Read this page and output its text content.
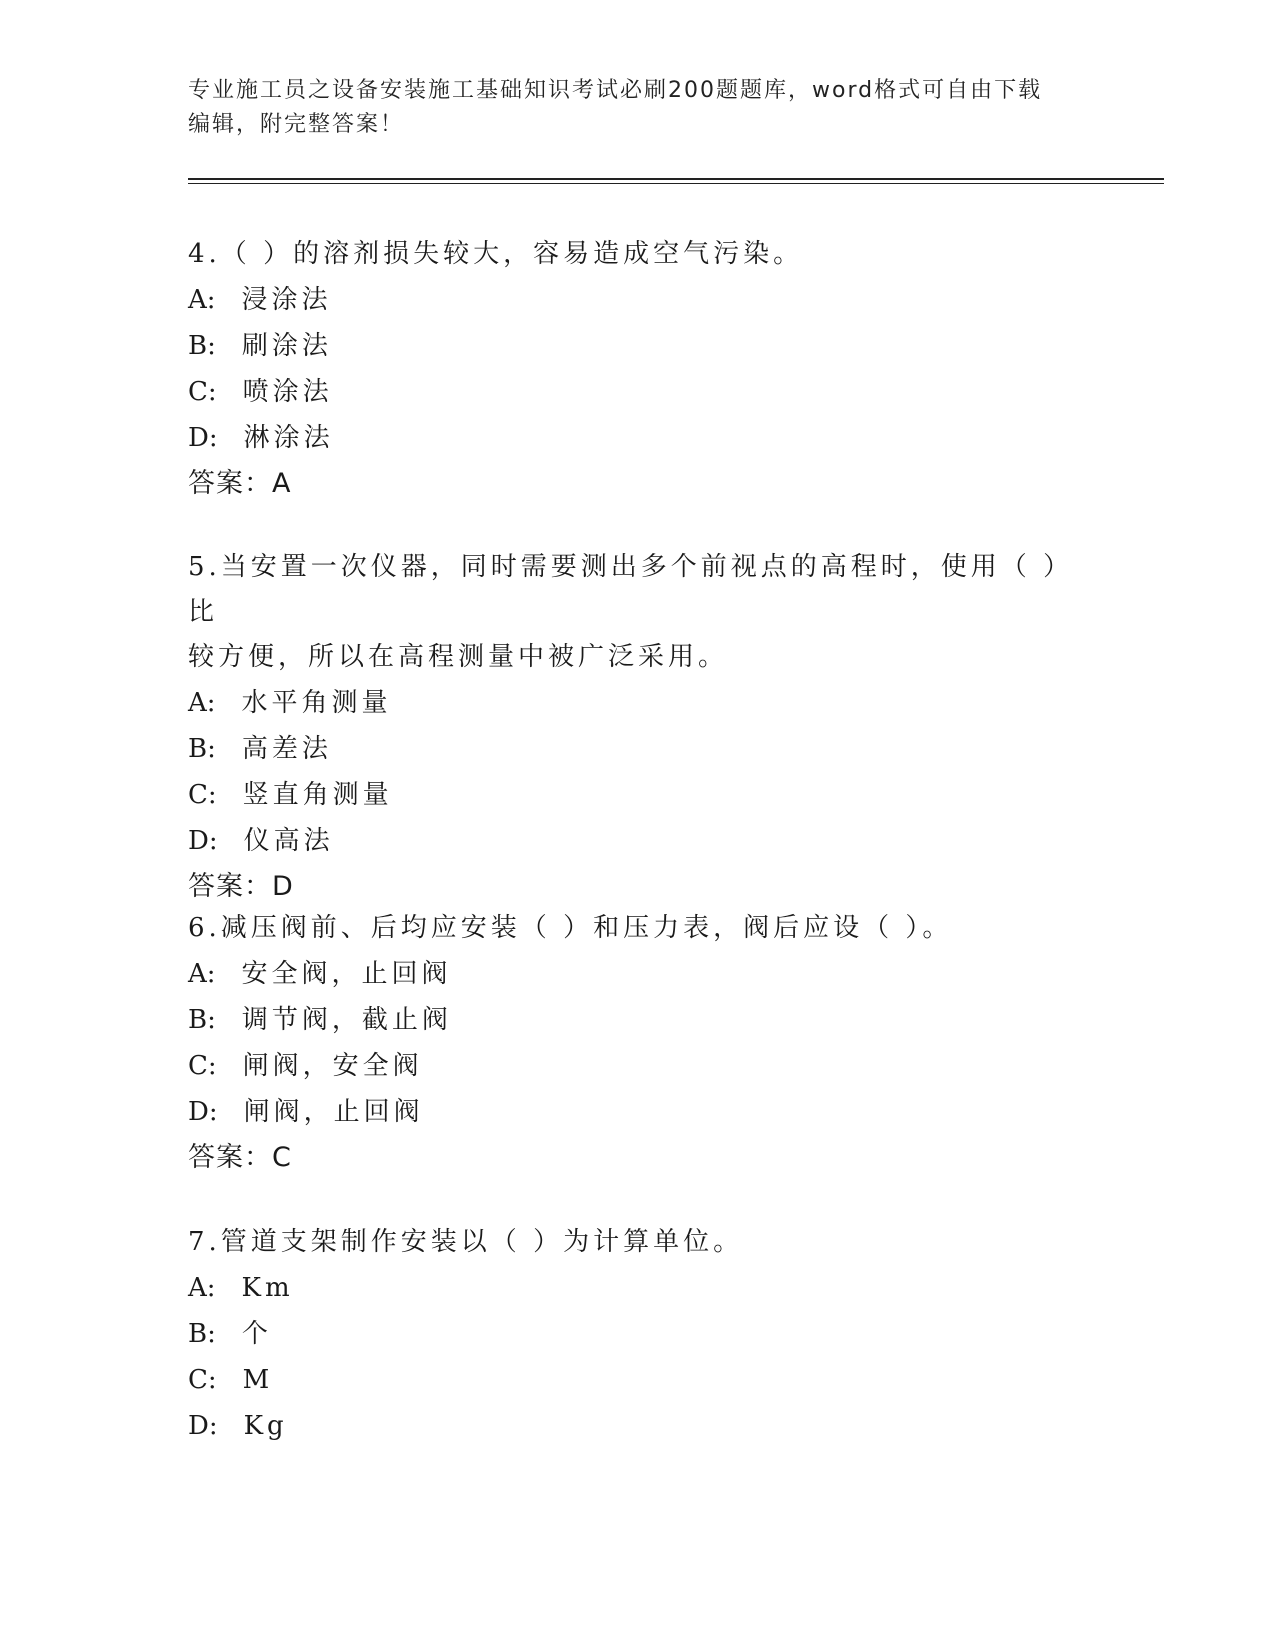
专业施工员之设备安装施工基础知识考试必刷200题题库，word格式可自由下载
编辑，附完整答案！

4.（ ）的溶剂损失较大，容易造成空气污染。

A: 浸涂法

B: 刷涂法

C: 喷涂法

D: 淋涂法

答案：A

5.当安置一次仪器，同时需要测出多个前视点的高程时，使用（ ）比

较方便，所以在高程测量中被广泛采用。

A: 水平角测量

B: 高差法

C: 竖直角测量

D: 仪高法

答案：D

6.减压阀前、后均应安装（ ）和压力表，阀后应设（ ）。

A: 安全阀，止回阀

B: 调节阀，截止阀

C: 闸阀，安全阀

D: 闸阀，止回阀

答案：C

7.管道支架制作安装以（ ）为计算单位。

A: Km

B: 个

C: M

D: Kg
